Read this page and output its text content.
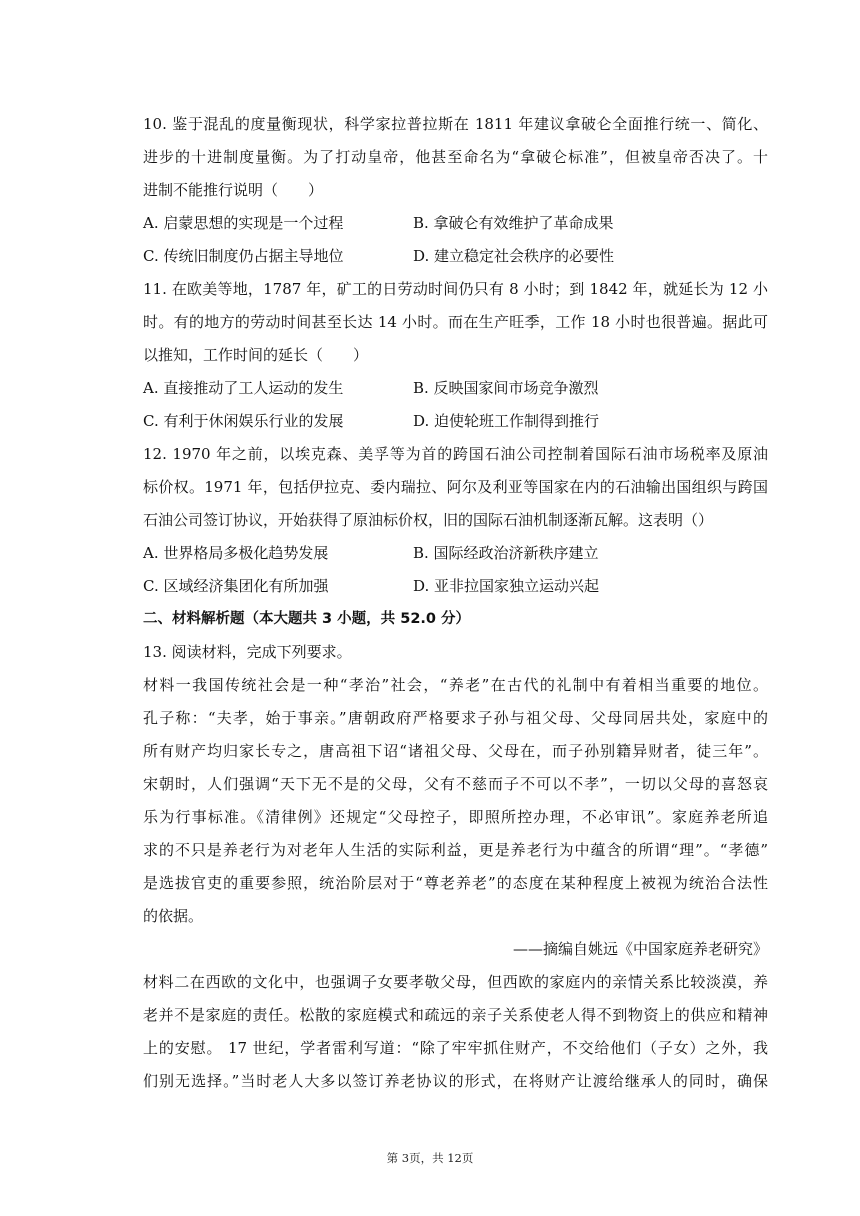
10. 鉴于混乱的度量衡现状，科学家拉普拉斯在 1811 年建议拿破仑全面推行统一、简化、
进步的十进制度量衡。为了打动皇帝，他甚至命名为“拿破仑标准”，但被皇帝否决了。十
进制不能推行说明（　　）
A. 启蒙思想的实现是一个过程	B. 拿破仑有效维护了革命成果
C. 传统旧制度仍占据主导地位	D. 建立稳定社会秩序的必要性
11. 在欧美等地，1787 年，矿工的日劳动时间仍只有 8 小时；到 1842 年，就延长为 12 小
时。有的地方的劳动时间甚至长达 14 小时。而在生产旺季，工作 18 小时也很普遍。据此可
以推知，工作时间的延长（　　）
A. 直接推动了工人运动的发生	B. 反映国家间市场竞争激烈
C. 有利于休闲娱乐行业的发展	D. 迫使轮班工作制得到推行
12. 1970 年之前，以埃克森、美孚等为首的跨国石油公司控制着国际石油市场税率及原油
标价权。1971 年，包括伊拉克、委内瑞拉、阿尔及利亚等国家在内的石油输出国组织与跨国
石油公司签订协议，开始获得了原油标价权，旧的国际石油机制逐渐瓦解。这表明（）
A. 世界格局多极化趋势发展	B. 国际经政治济新秩序建立
C. 区域经济集团化有所加强	D. 亚非拉国家独立运动兴起
二、材料解析题（本大题共 3 小题，共 52.0 分）
13. 阅读材料，完成下列要求。
材料一我国传统社会是一种“孝治”社会，“养老”在古代的礼制中有着相当重要的地位。
孔子称：“夫孝，始于事亲。”唐朝政府严格要求子孙与祖父母、父母同居共处，家庭中的
所有财产均归家长专之，唐高祖下诏“诸祖父母、父母在，而子孙别籍异财者，徒三年”。
宋朝时，人们强调“天下无不是的父母，父有不慈而子不可以不孝”，一切以父母的喜怒哀
乐为行事标准。《清律例》还规定“父母控子，即照所控办理，不必审讯”。家庭养老所追
求的不只是养老行为对老年人生活的实际利益，更是养老行为中蕴含的所谓“理”。“孝德”
是选拔官吏的重要参照，统治阶层对于“尊老养老”的态度在某种程度上被视为统治合法性
的依据。
——摘编自姚远《中国家庭养老研究》
材料二在西欧的文化中，也强调子女要孝敬父母，但西欧的家庭内的亲情关系比较淡漠，养
老并不是家庭的责任。松散的家庭模式和疏远的亲子关系使老人得不到物资上的供应和精神
上的安慰。 17 世纪，学者雷利写道：“除了牢牢抓住财产，不交给他们（子女）之外，我
们别无选择。”当时老人大多以签订养老协议的形式，在将财产让渡给继承人的同时，确保
第 3页，共 12页
